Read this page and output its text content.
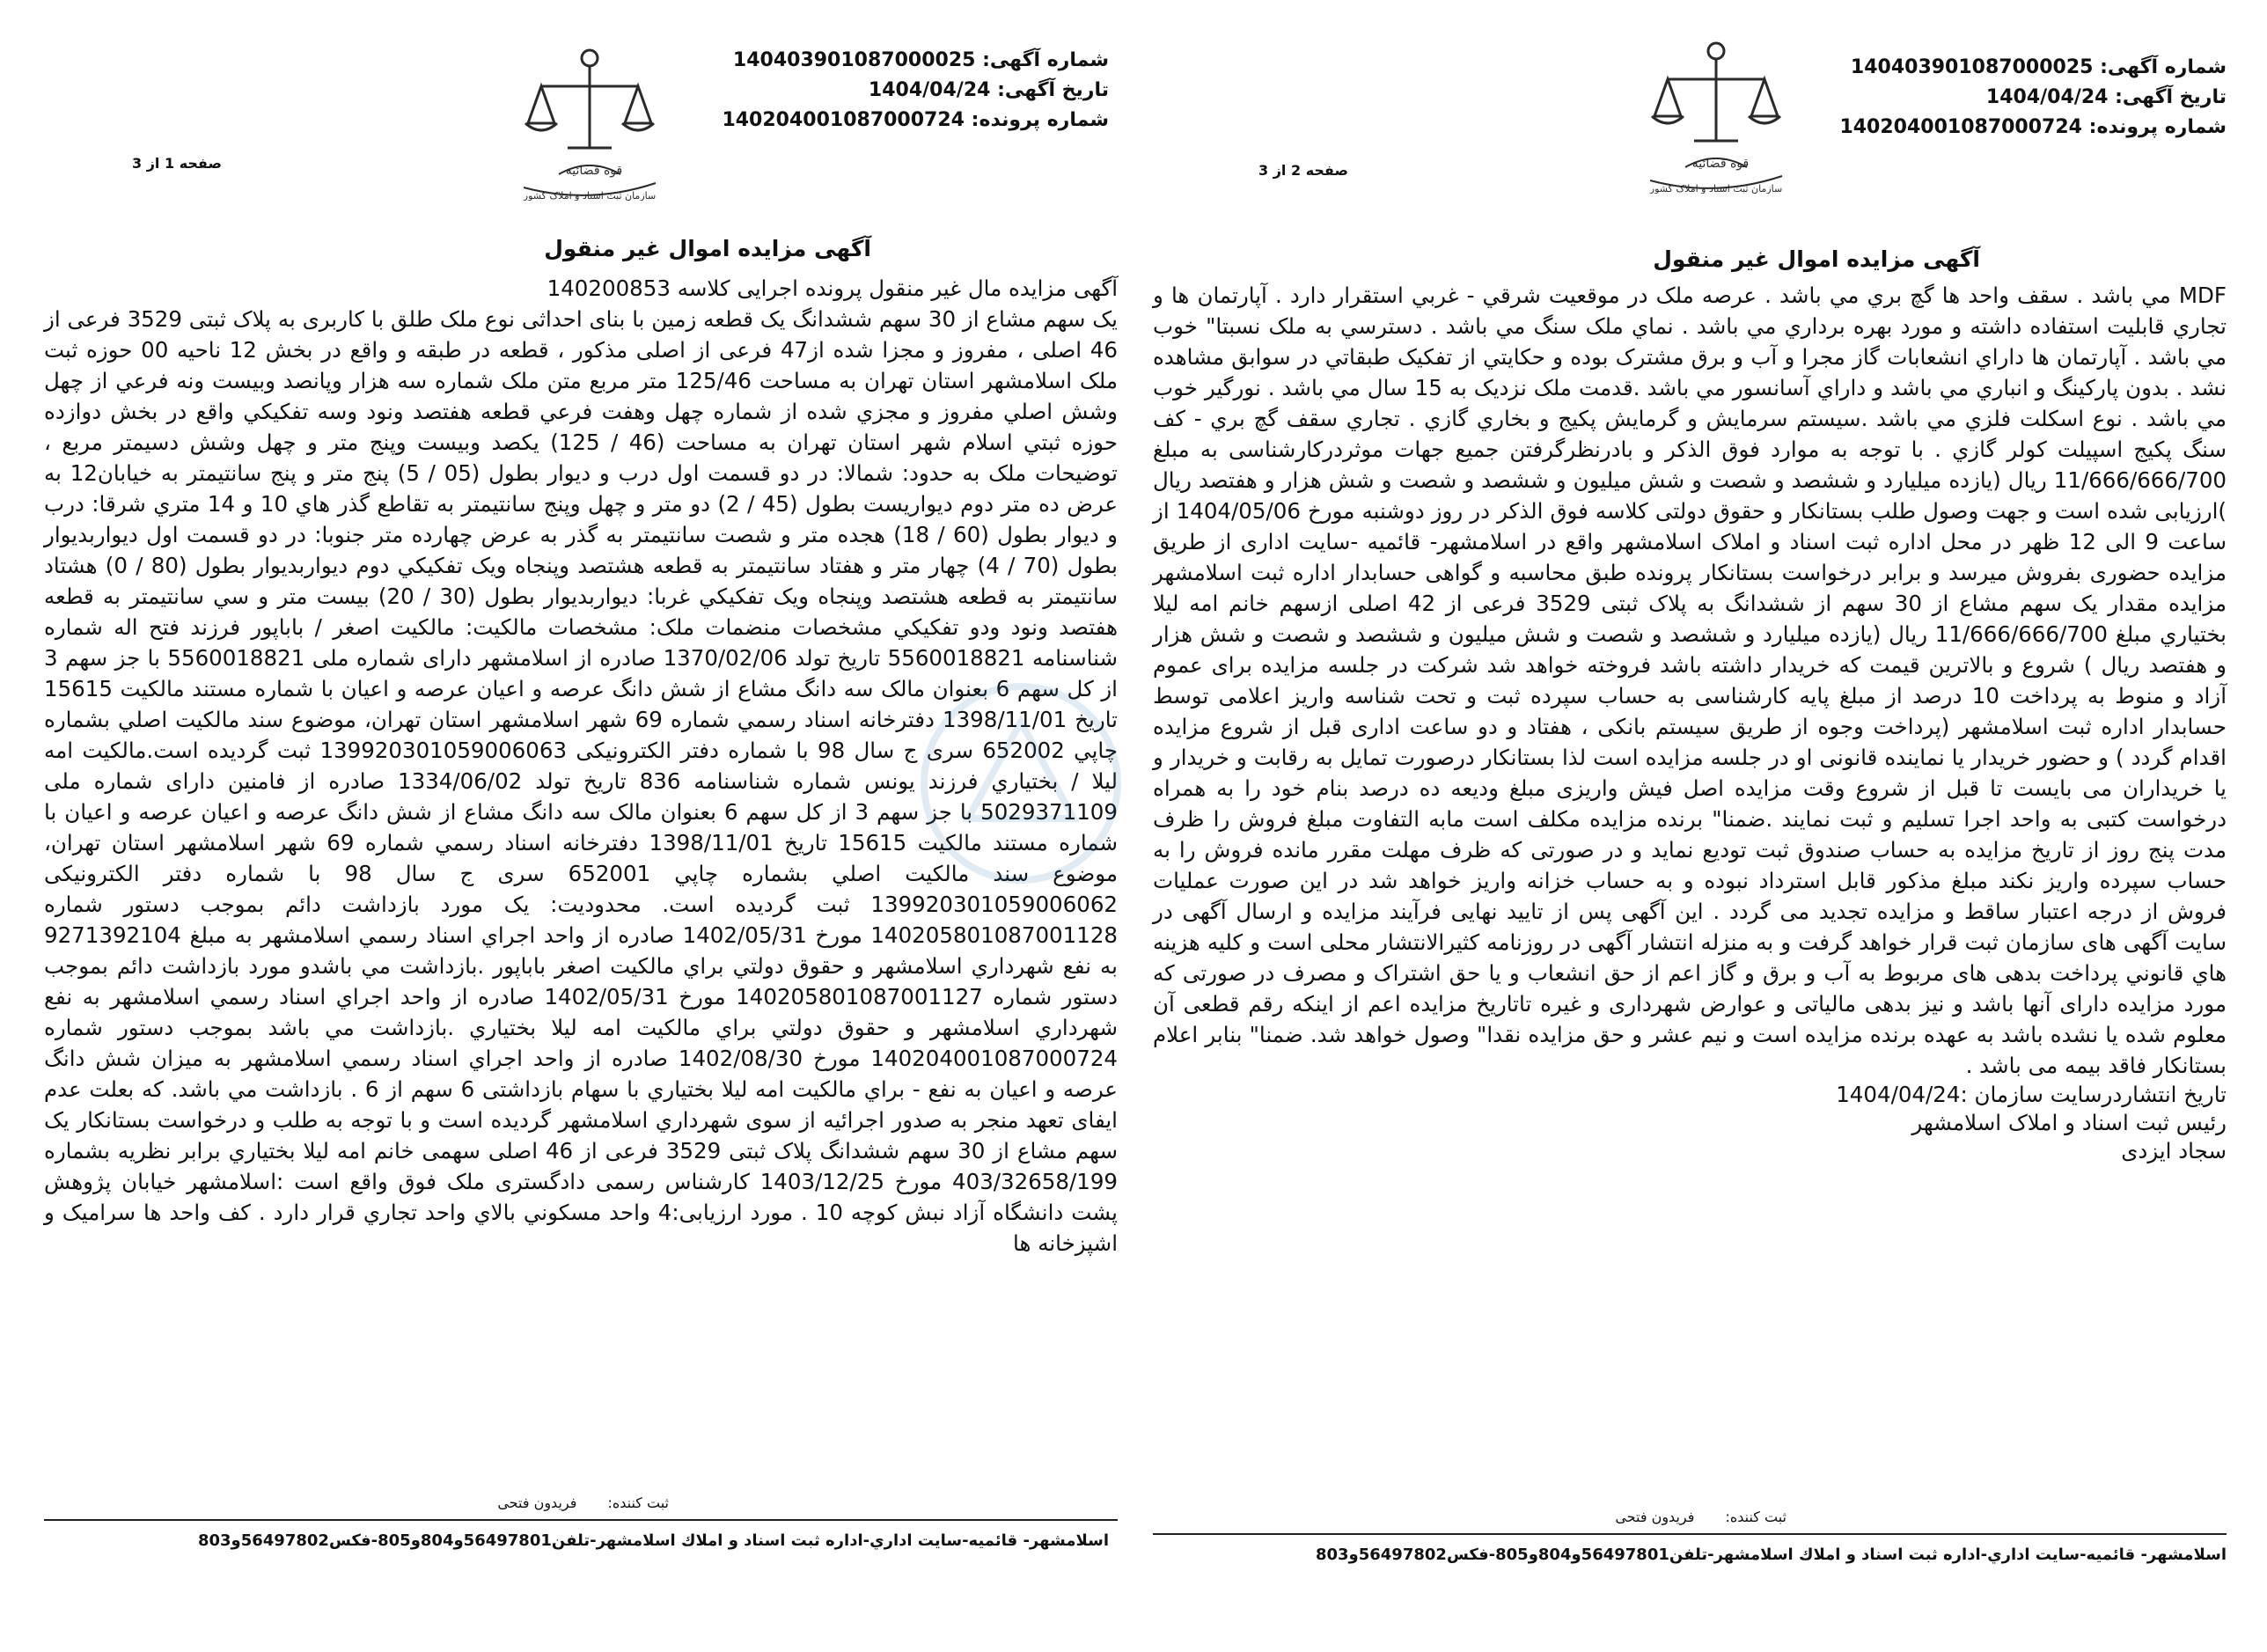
شماره آگهی: 140403901087000025
تاریخ آگهی: 1404/04/24
شماره پرونده: 140204001087000724
قوه قضائیه
سازمان ثبت اسناد و املاک کشور
صفحه 1 از 3
آگهی مزایده اموال غیر منقول

آگهی مزایده مال غیر منقول پرونده اجرایی کلاسه 140200853

یک سهم مشاع از 30 سهم ششدانگ یک قطعه زمین با بنای احداثی نوع ملک طلق با کاربری به پلاک ثبتی 3529 فرعی از 46 اصلی ، مفروز و مجزا شده از47 فرعی از اصلی مذکور ، قطعه در طبقه و واقع در بخش 12 ناحیه 00 حوزه ثبت ملک اسلامشهر استان تهران به مساحت 125/46 متر مربع متن ملک شماره سه هزار وپانصد وبیست ونه فرعي از چهل وشش اصلي مفروز و مجزي شده از شماره چهل وهفت فرعي قطعه هفتصد ونود وسه تفکیکي واقع در بخش دوازده حوزه ثبتي اسلام شهر استان تهران به مساحت (46 / 125) یکصد وبیست وپنج متر و چهل وشش دسیمتر مربع ، توضیحات ملک به حدود: شمالا: در دو قسمت اول درب و دیوار بطول (05 / 5) پنج متر و پنج سانتیمتر به خیابان12 به عرض ده متر دوم دیواریست بطول (45 / 2) دو متر و چهل وپنج سانتیمتر به تقاطع گذر هاي 10 و 14 متري شرقا: درب و دیوار بطول (60 / 18) هجده متر و شصت سانتیمتر به گذر به عرض چهارده متر جنوبا: در دو قسمت اول دیواربدیوار بطول (70 / 4) چهار متر و هفتاد سانتیمتر به قطعه هشتصد وپنجاه ویک تفکیکي دوم دیواربدیوار بطول (80 / 0) هشتاد سانتیمتر به قطعه هشتصد وپنجاه ویک تفکیکي غربا: دیواربدیوار بطول (30 / 20) بیست متر و سي سانتیمتر به قطعه هفتصد ونود ودو تفکیکي مشخصات منضمات ملک: مشخصات مالکیت: مالکیت اصغر / باباپور فرزند فتح اله شماره شناسنامه 5560018821 تاریخ تولد 1370/02/06 صادره از اسلامشهر دارای شماره ملی 5560018821 با جز سهم 3 از کل سهم 6 بعنوان مالک سه دانگ مشاع از شش دانگ عرصه و اعیان عرصه و اعیان با شماره مستند مالکیت 15615 تاریخ 1398/11/01 دفترخانه اسناد رسمي شماره 69 شهر اسلامشهر استان تهران، موضوع سند مالکیت اصلي بشماره چاپي 652002 سری ج سال 98 با شماره دفتر الکترونیکی 139920301059006063 ثبت گردیده است.مالکیت امه لیلا / بختیاري فرزند یونس شماره شناسنامه 836 تاریخ تولد 1334/06/02 صادره از فامنین دارای شماره ملی 5029371109 با جز سهم 3 از کل سهم 6 بعنوان مالک سه دانگ مشاع از شش دانگ عرصه و اعیان عرصه و اعیان با شماره مستند مالکیت 15615 تاریخ 1398/11/01 دفترخانه اسناد رسمي شماره 69 شهر اسلامشهر استان تهران، موضوع سند مالکیت اصلي بشماره چاپي 652001 سری ج سال 98 با شماره دفتر الکترونیکی 139920301059006062 ثبت گردیده است. محدودیت: یک مورد بازداشت دائم بموجب دستور شماره 140205801087001128 مورخ 1402/05/31 صادره از واحد اجراي اسناد رسمي اسلامشهر به مبلغ 9271392104 به نفع شهرداري اسلامشهر و حقوق دولتي براي مالکیت اصغر باباپور .بازداشت مي باشدو مورد بازداشت دائم بموجب دستور شماره 140205801087001127 مورخ 1402/05/31 صادره از واحد اجراي اسناد رسمي اسلامشهر به نفع شهرداري اسلامشهر و حقوق دولتي براي مالکیت امه لیلا بختیاري .بازداشت مي باشد بموجب دستور شماره 140204001087000724 مورخ 1402/08/30 صادره از واحد اجراي اسناد رسمي اسلامشهر به میزان شش دانگ عرصه و اعیان به نفع - براي مالکیت امه لیلا بختیاري با سهام بازداشتی 6 سهم از 6 . بازداشت مي باشد. که بعلت عدم ایفای تعهد منجر به صدور اجرائیه از سوی شهرداري اسلامشهر گردیده است و با توجه به طلب و درخواست بستانکار یک سهم مشاع از 30 سهم ششدانگ پلاک ثبتی 3529 فرعی از 46 اصلی سهمی خانم امه لیلا بختیاري برابر نظریه بشماره 403/32658/199 مورخ 1403/12/25 کارشناس رسمی دادگستری ملک فوق واقع است :اسلامشهر خیابان پژوهش پشت دانشگاه آزاد نبش کوچه 10 . مورد ارزیابی:4 واحد مسکوني بالاي واحد تجاري قرار دارد . کف واحد ها سرامیک و اشپزخانه ها

ثبت کننده: فریدون فتحی
اسلامشهر- قائمیه-سایت اداري-اداره ثبت اسناد و املاك اسلامشهر-تلفن56497801و804و805-فکس56497802و803
شماره آگهی: 140403901087000025
تاریخ آگهی: 1404/04/24
شماره پرونده: 140204001087000724
قوه قضائیه
سازمان ثبت اسناد و املاک کشور
صفحه 2 از 3
آگهی مزایده اموال غیر منقول

MDF مي باشد . سقف واحد ها گچ بري مي باشد . عرصه ملک در موقعیت شرقي - غربي استقرار دارد . آپارتمان ها و تجاري قابلیت استفاده داشته و مورد بهره برداري مي باشد . نماي ملک سنگ مي باشد . دسترسي به ملک نسبتا" خوب مي باشد . آپارتمان ها داراي انشعابات گاز مجرا و آب و برق مشترک بوده و حکایتي از تفکیک طبقاتي در سوابق مشاهده نشد . بدون پارکینگ و انباري مي باشد و داراي آسانسور مي باشد .قدمت ملک نزدیک به 15 سال مي باشد . نورگیر خوب مي باشد . نوع اسکلت فلزي مي باشد .سیستم سرمایش و گرمایش پکیج و بخاري گازي . تجاري سقف گچ بري - کف سنگ پکیج اسپیلت کولر گازي . با توجه به موارد فوق الذکر و بادرنظرگرفتن جمیع جهات موثردرکارشناسی به مبلغ 11/666/666/700 ریال (یازده میلیارد و ششصد و شصت و شش میلیون و ششصد و شصت و شش هزار و هفتصد ریال )ارزیابی شده است و جهت وصول طلب بستانکار و حقوق دولتی کلاسه فوق الذکر در روز دوشنبه مورخ 1404/05/06 از ساعت 9 الی 12 ظهر در محل اداره ثبت اسناد و املاک اسلامشهر واقع در اسلامشهر- قائمیه -سایت اداری از طریق مزایده حضوری بفروش میرسد و برابر درخواست بستانکار پرونده طبق محاسبه و گواهی حسابدار اداره ثبت اسلامشهر مزایده مقدار یک سهم مشاع از 30 سهم از ششدانگ به پلاک ثبتی 3529 فرعی از 42 اصلی ازسهم خانم امه لیلا بختیاري مبلغ 11/666/666/700 ریال (یازده میلیارد و ششصد و شصت و شش میلیون و ششصد و شصت و شش هزار و هفتصد ریال ) شروع و بالاترین قیمت که خریدار داشته باشد فروخته خواهد شد شرکت در جلسه مزایده برای عموم آزاد و منوط به پرداخت 10 درصد از مبلغ پایه کارشناسی به حساب سپرده ثبت و تحت شناسه واریز اعلامی توسط حسابدار اداره ثبت اسلامشهر (پرداخت وجوه از طریق سیستم بانکی ، هفتاد و دو ساعت اداری قبل از شروع مزایده اقدام گردد ) و حضور خریدار یا نماینده قانونی او در جلسه مزایده است لذا بستانکار درصورت تمایل به رقابت و خریدار و یا خریداران می بایست تا قبل از شروع وقت مزایده اصل فیش واریزی مبلغ ودیعه ده درصد بنام خود را به همراه درخواست کتبی به واحد اجرا تسلیم و ثبت نمایند .ضمنا" برنده مزایده مکلف است مابه التفاوت مبلغ فروش را ظرف مدت پنج روز از تاریخ مزایده به حساب صندوق ثبت تودیع نماید و در صورتی که ظرف مهلت مقرر مانده فروش را به حساب سپرده واریز نکند مبلغ مذکور قابل استرداد نبوده و به حساب خزانه واریز خواهد شد در این صورت عملیات فروش از درجه اعتبار ساقط و مزایده تجدید می گردد . این آگهی پس از تایید نهایی فرآیند مزایده و ارسال آگهی در سایت آگهی های سازمان ثبت قرار خواهد گرفت و به منزله انتشار آگهی در روزنامه کثیرالانتشار محلی است و کلیه هزینه هاي قانوني پرداخت بدهی های مربوط به آب و برق و گاز اعم از حق انشعاب و یا حق اشتراک و مصرف در صورتی که مورد مزایده دارای آنها باشد و نیز بدهی مالیاتی و عوارض شهرداری و غیره تاتاریخ مزایده اعم از اینکه رقم قطعی آن معلوم شده یا نشده باشد به عهده برنده مزایده است و نیم عشر و حق مزایده نقدا" وصول خواهد شد. ضمنا" بنابر اعلام بستانکار فاقد بیمه می باشد .

تاریخ انتشاردرسایت سازمان :1404/04/24
رئیس ثبت اسناد و املاک اسلامشهر
سجاد ایزدی
ثبت کننده: فریدون فتحی
اسلامشهر- قائمیه-سایت اداري-اداره ثبت اسناد و املاك اسلامشهر-تلفن56497801و804و805-فکس56497802و803
